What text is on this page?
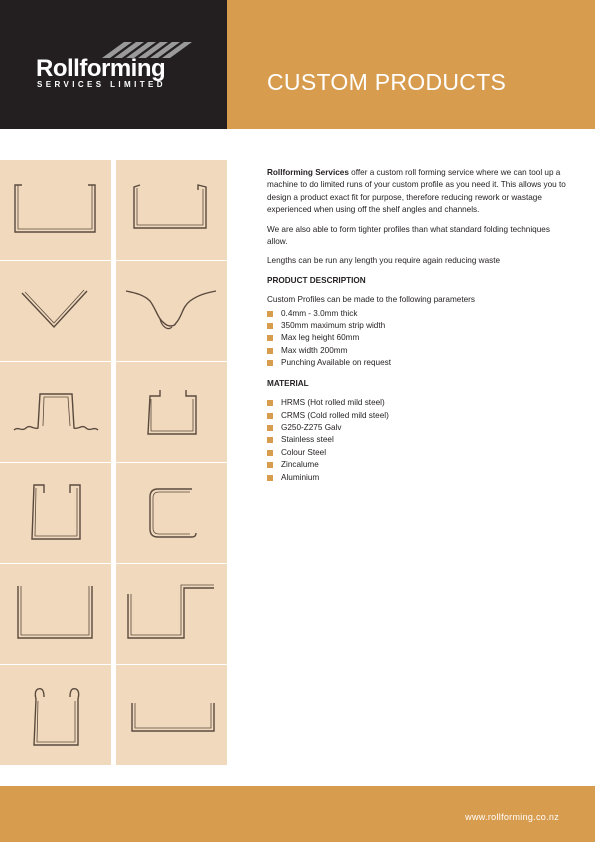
Rollforming
SERVICES LIMITED	CUSTOM PRODUCTS

Rollforming Services offer a custom roll forming service where we can tool up a machine to do limited runs of your custom profile as you need it. This allows you to design a product exact fit for purpose, therefore reducing rework or wastage experienced when using off the shelf angles and channels.

We are also able to form tighter profiles than what standard folding techniques allow.

Lengths can be run any length you require again reducing waste

PRODUCT DESCRIPTION

Custom Profiles can be made to the following parameters

0.4mm - 3.0mm thick
350mm maximum strip width
Max leg height 60mm
Max width 200mm
Punching Available on request
MATERIAL
HRMS (Hot rolled mild steel)
CRMS (Cold rolled mild steel)
G250-Z275 Galv
Stainless steel
Colour Steel
Zincalume
Aluminium
www.rollforming.co.nz
